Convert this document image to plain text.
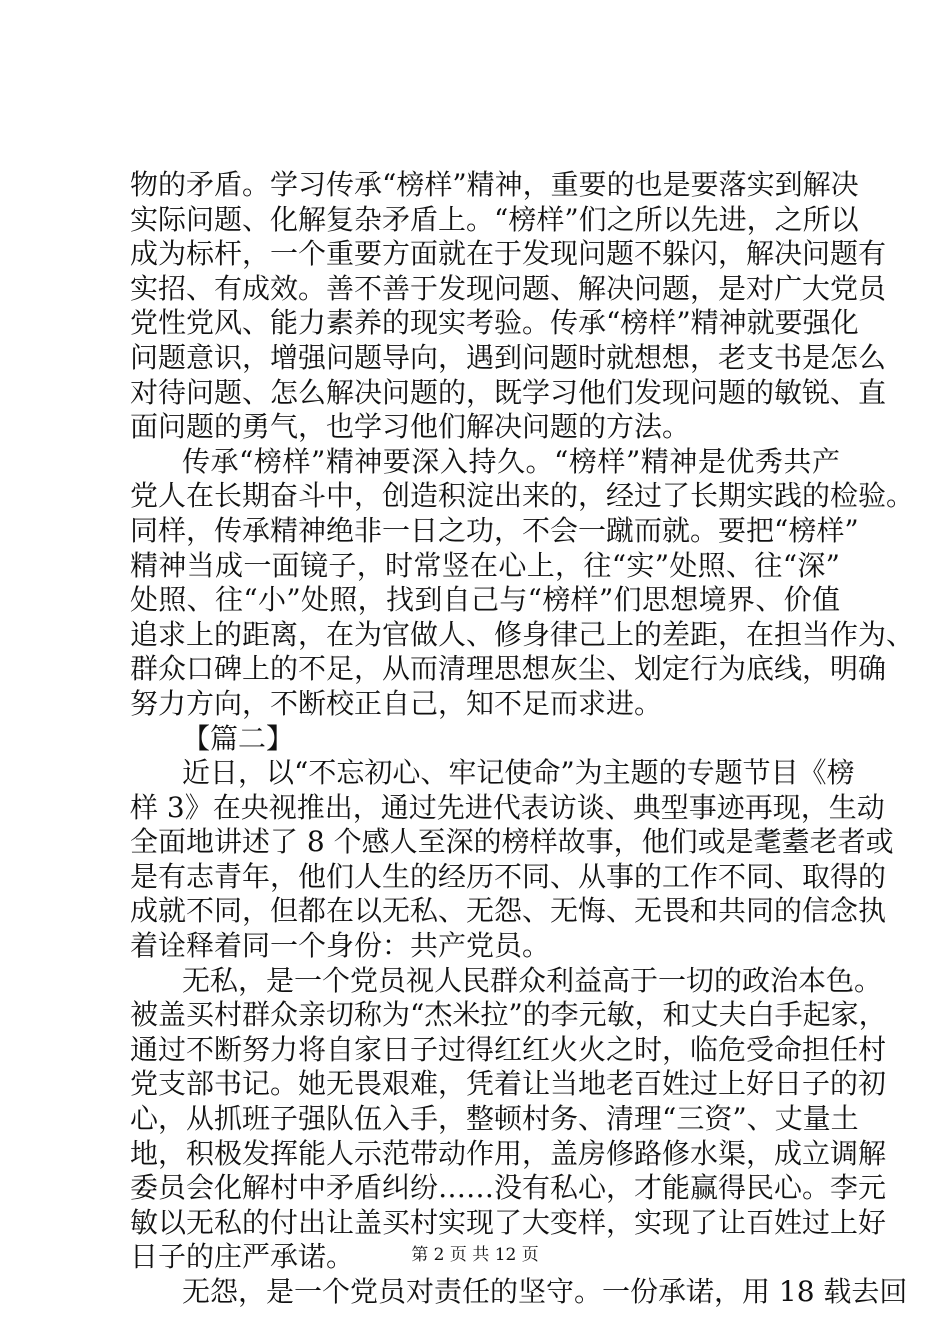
物的矛盾。学习传承“榜样”精神，重要的也是要落实到解决
实际问题、化解复杂矛盾上。“榜样”们之所以先进，之所以
成为标杆，一个重要方面就在于发现问题不躲闪，解决问题有
实招、有成效。善不善于发现问题、解决问题，是对广大党员
党性党风、能力素养的现实考验。传承“榜样”精神就要强化
问题意识，增强问题导向，遇到问题时就想想，老支书是怎么
对待问题、怎么解决问题的，既学习他们发现问题的敏锐、直
面问题的勇气，也学习他们解决问题的方法。
传承“榜样”精神要深入持久。“榜样”精神是优秀共产
党人在长期奋斗中，创造积淀出来的，经过了长期实践的检验。
同样，传承精神绝非一日之功，不会一蹴而就。要把“榜样”
精神当成一面镜子，时常竖在心上，往“实”处照、往“深”
处照、往“小”处照，找到自己与“榜样”们思想境界、价值
追求上的距离，在为官做人、修身律己上的差距，在担当作为、
群众口碑上的不足，从而清理思想灰尘、划定行为底线，明确
努力方向，不断校正自己，知不足而求进。
【篇二】
近日，以“不忘初心、牢记使命”为主题的专题节目《榜
样 3》在央视推出，通过先进代表访谈、典型事迹再现，生动
全面地讲述了 8 个感人至深的榜样故事，他们或是耄耋老者或
是有志青年，他们人生的经历不同、从事的工作不同、取得的
成就不同，但都在以无私、无怨、无悔、无畏和共同的信念执
着诠释着同一个身份：共产党员。
无私，是一个党员视人民群众利益高于一切的政治本色。
被盖买村群众亲切称为“杰米拉”的李元敏，和丈夫白手起家，
通过不断努力将自家日子过得红红火火之时，临危受命担任村
党支部书记。她无畏艰难，凭着让当地老百姓过上好日子的初
心，从抓班子强队伍入手，整顿村务、清理“三资”、丈量土
地，积极发挥能人示范带动作用，盖房修路修水渠，成立调解
委员会化解村中矛盾纠纷……没有私心，才能赢得民心。李元
敏以无私的付出让盖买村实现了大变样，实现了让百姓过上好
日子的庄严承诺。
无怨，是一个党员对责任的坚守。一份承诺，用 18 载去回
第 2 页 共 12 页
